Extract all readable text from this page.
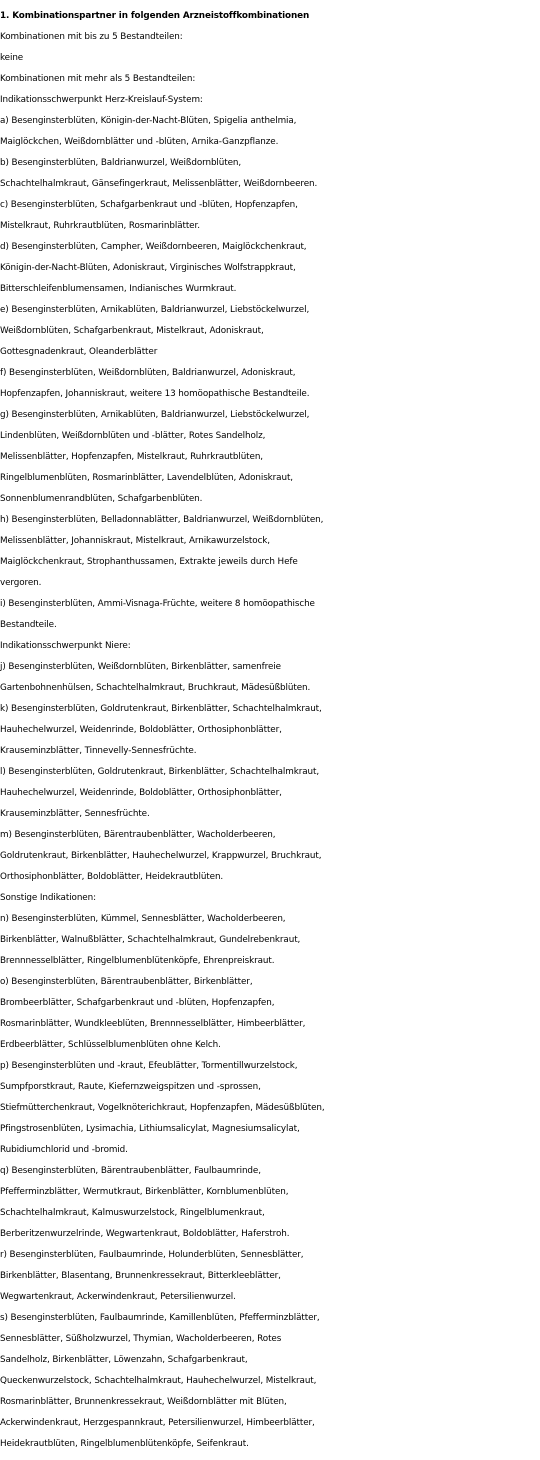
1. Kombinationspartner in folgenden Arzneistoffkombinationen
Kombinationen mit bis zu 5 Bestandteilen:
keine
Kombinationen mit mehr als 5 Bestandteilen:
Indikationsschwerpunkt Herz-Kreislauf-System:
a) Besenginsterblüten, Königin-der-Nacht-Blüten, Spigelia anthelmia,
Maiglöckchen, Weißdornblätter und -blüten, Arnika-Ganzpflanze.
b) Besenginsterblüten, Baldrianwurzel, Weißdornblüten,
Schachtelhalmkraut, Gänsefingerkraut, Melissenblätter, Weißdornbeeren.
c) Besenginsterblüten, Schafgarbenkraut und -blüten, Hopfenzapfen,
Mistelkraut, Ruhrkrautblüten, Rosmarinblätter.
d) Besenginsterblüten, Campher, Weißdornbeeren, Maiglöckchenkraut,
Königin-der-Nacht-Blüten, Adoniskraut, Virginisches Wolfstrappkraut,
Bitterschleifenblumensamen, Indianisches Wurmkraut.
e) Besenginsterblüten, Arnikablüten, Baldrianwurzel, Liebstöckelwurzel,
Weißdornblüten, Schafgarbenkraut, Mistelkraut, Adoniskraut,
Gottesgnadenkraut, Oleanderblätter
f) Besenginsterblüten, Weißdornblüten, Baldrianwurzel, Adoniskraut,
Hopfenzapfen, Johanniskraut, weitere 13 homöopathische Bestandteile.
g) Besenginsterblüten, Arnikablüten, Baldrianwurzel, Liebstöckelwurzel,
Lindenblüten, Weißdornblüten und -blätter, Rotes Sandelholz,
Melissenblätter, Hopfenzapfen, Mistelkraut, Ruhrkrautblüten,
Ringelblumenblüten, Rosmarinblätter, Lavendelblüten, Adoniskraut,
Sonnenblumenrandblüten, Schafgarbenblüten.
h) Besenginsterblüten, Belladonnablätter, Baldrianwurzel, Weißdornblüten,
Melissenblätter, Johanniskraut, Mistelkraut, Arnikawurzelstock,
Maiglöckchenkraut, Strophanthussamen, Extrakte jeweils durch Hefe
vergoren.
i) Besenginsterblüten, Ammi-Visnaga-Früchte, weitere 8 homöopathische
Bestandteile.
Indikationsschwerpunkt Niere:
j) Besenginsterblüten, Weißdornblüten, Birkenblätter, samenfreie
Gartenbohnenhülsen, Schachtelhalmkraut, Bruchkraut, Mädesüßblüten.
k) Besenginsterblüten, Goldrutenkraut, Birkenblätter, Schachtelhalmkraut,
Hauhechelwurzel, Weidenrinde, Boldoblätter, Orthosiphonblätter,
Krauseminzblätter, Tinnevelly-Sennesfrüchte.
l) Besenginsterblüten, Goldrutenkraut, Birkenblätter, Schachtelhalmkraut,
Hauhechelwurzel, Weidenrinde, Boldoblätter, Orthosiphonblätter,
Krauseminzblätter, Sennesfrüchte.
m) Besenginsterblüten, Bärentraubenblätter, Wacholderbeeren,
Goldrutenkraut, Birkenblätter, Hauhechelwurzel, Krappwurzel, Bruchkraut,
Orthosiphonblätter, Boldoblätter, Heidekrautblüten.
Sonstige Indikationen:
n) Besenginsterblüten, Kümmel, Sennesblätter, Wacholderbeeren,
Birkenblätter, Walnußblätter, Schachtelhalmkraut, Gundelrebenkraut,
Brennnesselblätter, Ringelblumenblütenköpfe, Ehrenpreiskraut.
o) Besenginsterblüten, Bärentraubenblätter, Birkenblätter,
Brombeerblätter, Schafgarbenkraut und -blüten, Hopfenzapfen,
Rosmarinblätter, Wundkleeblüten, Brennnesselblätter, Himbeerblätter,
Erdbeerblätter, Schlüsselblumenblüten ohne Kelch.
p) Besenginsterblüten und -kraut, Efeublätter, Tormentillwurzelstock,
Sumpfporstkraut, Raute, Kiefernzweigspitzen und -sprossen,
Stiefmütterchenkraut, Vogelknöterichkraut, Hopfenzapfen, Mädesüßblüten,
Pfingstrosenblüten, Lysimachia, Lithiumsalicylat, Magnesiumsalicylat,
Rubidiumchlorid und -bromid.
q) Besenginsterblüten, Bärentraubenblätter, Faulbaumrinde,
Pfefferminzblätter, Wermutkraut, Birkenblätter, Kornblumenblüten,
Schachtelhalmkraut, Kalmuswurzelstock, Ringelblumenkraut,
Berberitzenwurzelrinde, Wegwartenkraut, Boldoblätter, Haferstroh.
r) Besenginsterblüten, Faulbaumrinde, Holunderblüten, Sennesblätter,
Birkenblätter, Blasentang, Brunnenkressekraut, Bitterkleeblätter,
Wegwartenkraut, Ackerwindenkraut, Petersilienwurzel.
s) Besenginsterblüten, Faulbaumrinde, Kamillenblüten, Pfefferminzblätter,
Sennesblätter, Süßholzwurzel, Thymian, Wacholderbeeren, Rotes
Sandelholz, Birkenblätter, Löwenzahn, Schafgarbenkraut,
Queckenwurzelstock, Schachtelhalmkraut, Hauhechelwurzel, Mistelkraut,
Rosmarinblätter, Brunnenkressekraut, Weißdornblätter mit Blüten,
Ackerwindenkraut, Herzgespannkraut, Petersilienwurzel, Himbeerblätter,
Heidekrautblüten, Ringelblumenblütenköpfe, Seifenkraut.
